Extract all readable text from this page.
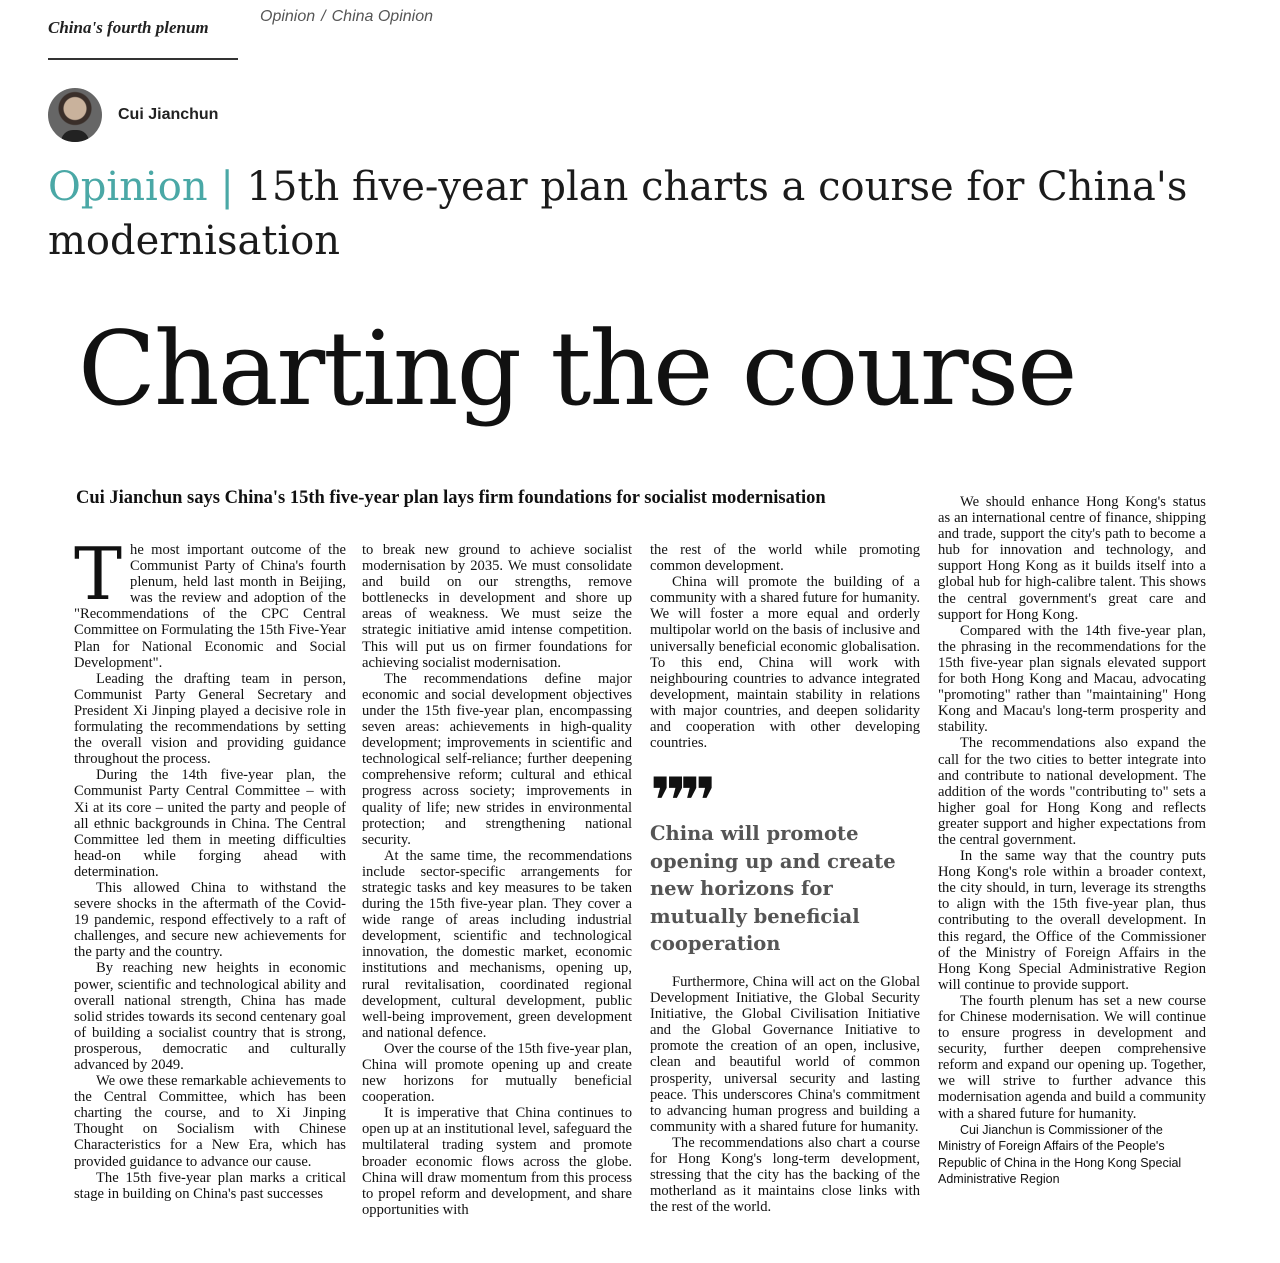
China's fourth plenum
Opinion / China Opinion
Cui Jianchun
Opinion | 15th five-year plan charts a course for China's modernisation
Charting the course
Cui Jianchun says China's 15th five-year plan lays firm foundations for socialist modernisation
T he most important outcome of the Communist Party of China's fourth plenum, held last month in Beijing, was the review and adoption of the "Recommendations of the CPC Central Committee on Formulating the 15th Five-Year Plan for National Economic and Social Development".

Leading the drafting team in person, Communist Party General Secretary and President Xi Jinping played a decisive role in formulating the recommendations by setting the overall vision and providing guidance throughout the process.

During the 14th five-year plan, the Communist Party Central Committee – with Xi at its core – united the party and people of all ethnic backgrounds in China. The Central Committee led them in meeting difficulties head-on while forging ahead with determination.

This allowed China to withstand the severe shocks in the aftermath of the Covid-19 pandemic, respond effectively to a raft of challenges, and secure new achievements for the party and the country.

By reaching new heights in economic power, scientific and technological ability and overall national strength, China has made solid strides towards its second centenary goal of building a socialist country that is strong, prosperous, democratic and culturally advanced by 2049.

We owe these remarkable achievements to the Central Committee, which has been charting the course, and to Xi Jinping Thought on Socialism with Chinese Characteristics for a New Era, which has provided guidance to advance our cause.

The 15th five-year plan marks a critical stage in building on China's past successes

to break new ground to achieve socialist modernisation by 2035. We must consolidate and build on our strengths, remove bottlenecks in development and shore up areas of weakness. We must seize the strategic initiative amid intense competition. This will put us on firmer foundations for achieving socialist modernisation.

The recommendations define major economic and social development objectives under the 15th five-year plan, encompassing seven areas: achievements in high-quality development; improvements in scientific and technological self-reliance; further deepening comprehensive reform; cultural and ethical progress across society; improvements in quality of life; new strides in environmental protection; and strengthening national security.

At the same time, the recommendations include sector-specific arrangements for strategic tasks and key measures to be taken during the 15th five-year plan. They cover a wide range of areas including industrial development, scientific and technological innovation, the domestic market, economic institutions and mechanisms, opening up, rural revitalisation, coordinated regional development, cultural development, public well-being improvement, green development and national defence.

Over the course of the 15th five-year plan, China will promote opening up and create new horizons for mutually beneficial cooperation.

It is imperative that China continues to open up at an institutional level, safeguard the multilateral trading system and promote broader economic flows across the globe. China will draw momentum from this process to propel reform and development, and share opportunities with

the rest of the world while promoting common development.

China will promote the building of a community with a shared future for humanity. We will foster a more equal and orderly multipolar world on the basis of inclusive and universally beneficial economic globalisation. To this end, China will work with neighbouring countries to advance integrated development, maintain stability in relations with major countries, and deepen solidarity and cooperation with other developing countries.

❞❞
China will promote opening up and create new horizons for mutually beneficial cooperation

Furthermore, China will act on the Global Development Initiative, the Global Security Initiative, the Global Civilisation Initiative and the Global Governance Initiative to promote the creation of an open, inclusive, clean and beautiful world of common prosperity, universal security and lasting peace. This underscores China's commitment to advancing human progress and building a community with a shared future for humanity.

The recommendations also chart a course for Hong Kong's long-term development, stressing that the city has the backing of the motherland as it maintains close links with the rest of the world.

We should enhance Hong Kong's status as an international centre of finance, shipping and trade, support the city's path to become a hub for innovation and technology, and support Hong Kong as it builds itself into a global hub for high-calibre talent. This shows the central government's great care and support for Hong Kong.

Compared with the 14th five-year plan, the phrasing in the recommendations for the 15th five-year plan signals elevated support for both Hong Kong and Macau, advocating "promoting" rather than "maintaining" Hong Kong and Macau's long-term prosperity and stability.

The recommendations also expand the call for the two cities to better integrate into and contribute to national development. The addition of the words "contributing to" sets a higher goal for Hong Kong and reflects greater support and higher expectations from the central government.

In the same way that the country puts Hong Kong's role within a broader context, the city should, in turn, leverage its strengths to align with the 15th five-year plan, thus contributing to the overall development. In this regard, the Office of the Commissioner of the Ministry of Foreign Affairs in the Hong Kong Special Administrative Region will continue to provide support.

The fourth plenum has set a new course for Chinese modernisation. We will continue to ensure progress in development and security, further deepen comprehensive reform and expand our opening up. Together, we will strive to further advance this modernisation agenda and build a community with a shared future for humanity.

Cui Jianchun is Commissioner of the Ministry of Foreign Affairs of the People's Republic of China in the Hong Kong Special Administrative Region
